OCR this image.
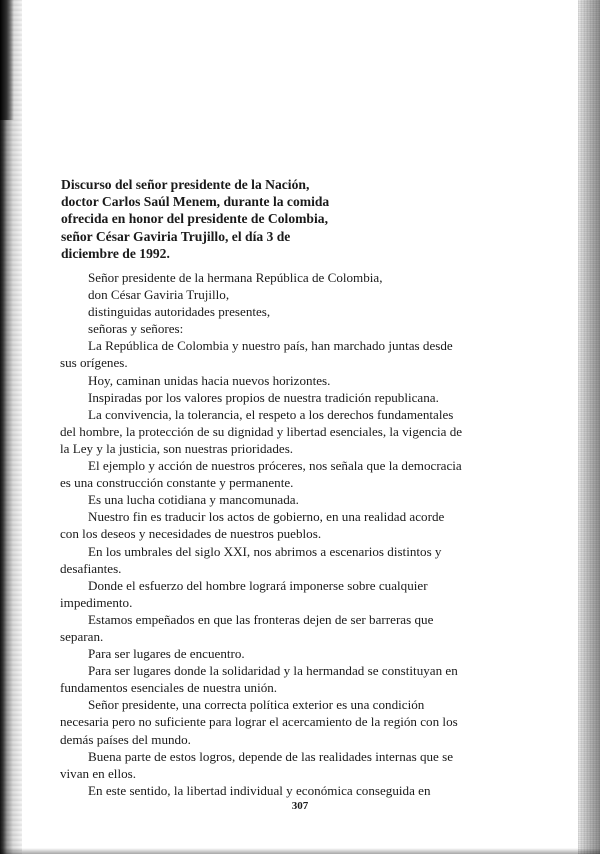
Discurso del señor presidente de la Nación,
doctor Carlos Saúl Menem, durante la comida
ofrecida en honor del presidente de Colombia,
señor César Gaviria Trujillo, el día 3 de
diciembre de 1992.
Señor presidente de la hermana República de Colombia,
don César Gaviria Trujillo,
distinguidas autoridades presentes,
señoras y señores:
La República de Colombia y nuestro país, han marchado juntas desde
sus orígenes.
Hoy, caminan unidas hacia nuevos horizontes.
Inspiradas por los valores propios de nuestra tradición republicana.
La convivencia, la tolerancia, el respeto a los derechos fundamentales
del hombre, la protección de su dignidad y libertad esenciales, la vigencia de
la Ley y la justicia, son nuestras prioridades.
El ejemplo y acción de nuestros próceres, nos señala que la democracia
es una construcción constante y permanente.
Es una lucha cotidiana y mancomunada.
Nuestro fin es traducir los actos de gobierno, en una realidad acorde
con los deseos y necesidades de nuestros pueblos.
En los umbrales del siglo XXI, nos abrimos a escenarios distintos y
desafiantes.
Donde el esfuerzo del hombre logrará imponerse sobre cualquier
impedimento.
Estamos empeñados en que las fronteras dejen de ser barreras que
separan.
Para ser lugares de encuentro.
Para ser lugares donde la solidaridad y la hermandad se constituyan en
fundamentos esenciales de nuestra unión.
Señor presidente, una correcta política exterior es una condición
necesaria pero no suficiente para lograr el acercamiento de la región con los
demás países del mundo.
Buena parte de estos logros, depende de las realidades internas que se
vivan en ellos.
En este sentido, la libertad individual y económica conseguida en
307
